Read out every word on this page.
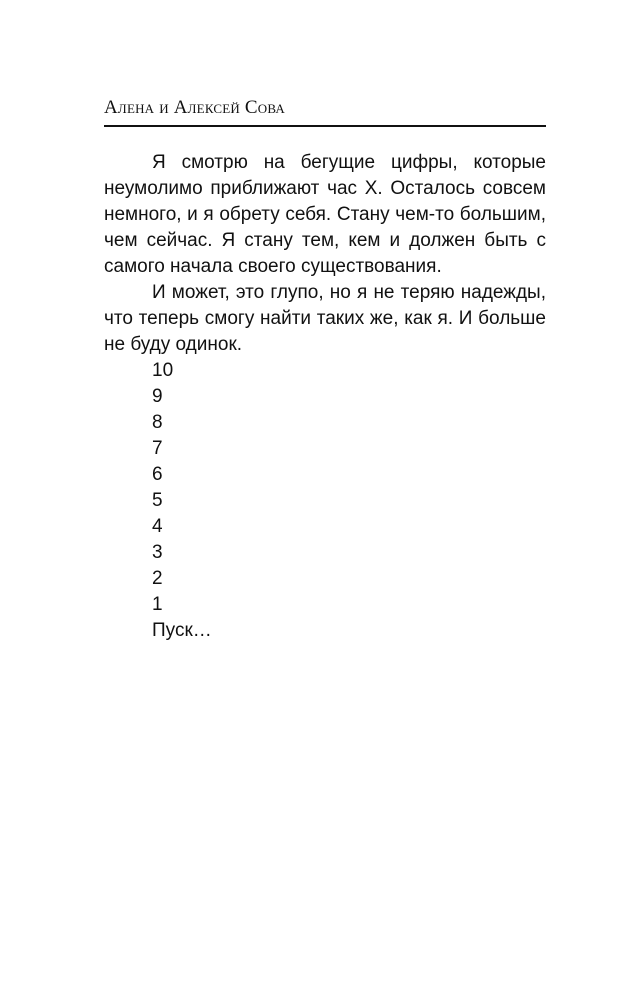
Алена и Алексей Сова

Я смотрю на бегущие цифры, которые неумолимо приближают час X. Осталось совсем немного, и я обрету себя. Стану чем-то большим, чем сейчас. Я стану тем, кем и должен быть с самого начала своего существования.

И может, это глупо, но я не теряю надежды, что теперь смогу найти таких же, как я. И больше не буду одинок.

10
9
8
7
6
5
4
3
2
1
Пуск…
